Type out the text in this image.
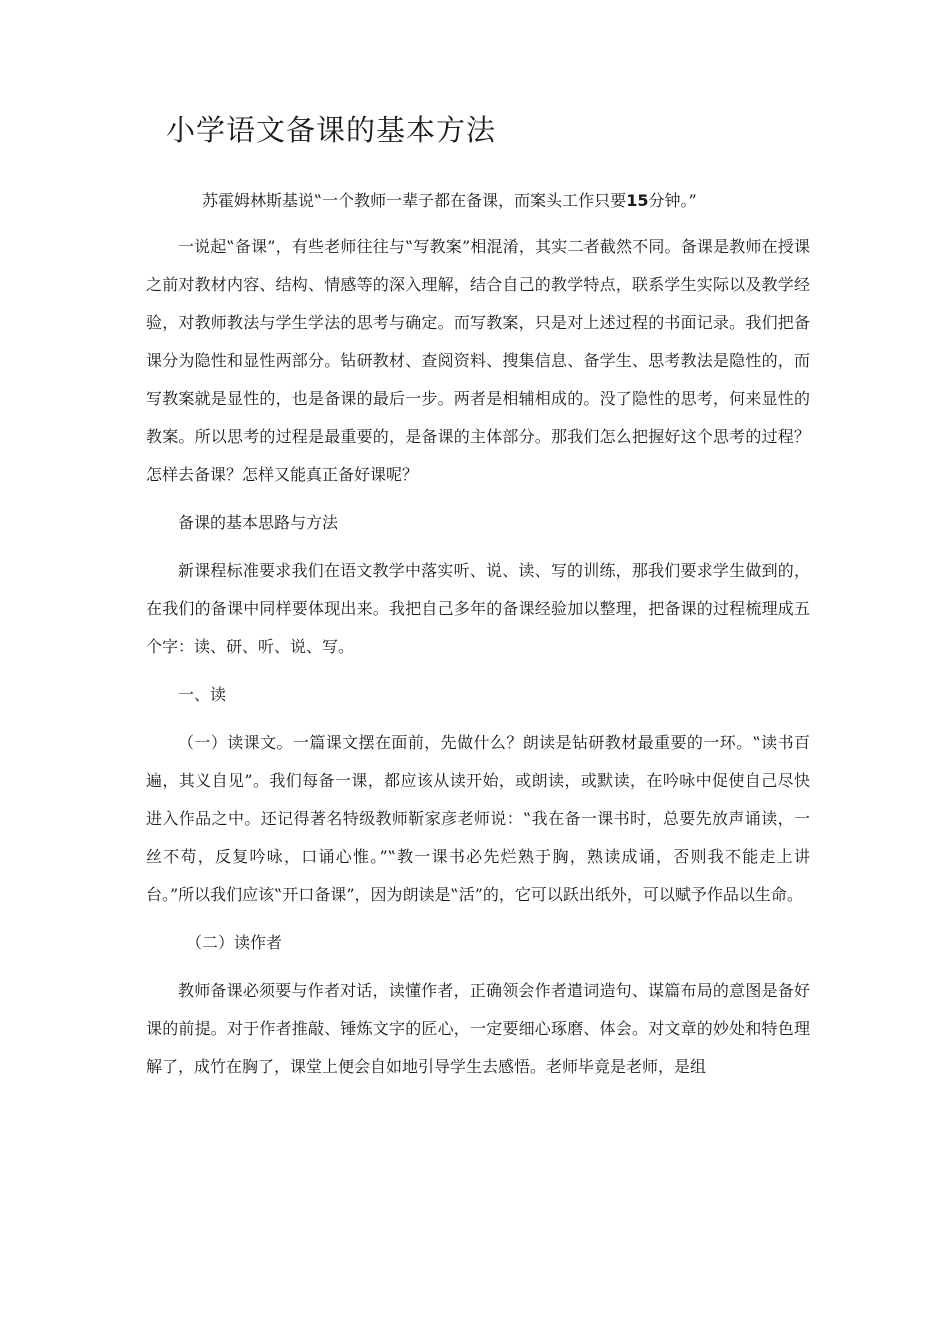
小学语文备课的基本方法

苏霍姆林斯基说‟一个教师一辈子都在备课，而案头工作只要15分钟。”

一说起‟备课”，有些老师往往与‟写教案”相混淆，其实二者截然不同。备课是教师在授课之前对教材内容、结构、情感等的深入理解，结合自己的教学特点，联系学生实际以及教学经验，对教师教法与学生学法的思考与确定。而写教案，只是对上述过程的书面记录。我们把备课分为隐性和显性两部分。钻研教材、查阅资料、搜集信息、备学生、思考教法是隐性的，而写教案就是显性的，也是备课的最后一步。两者是相辅相成的。没了隐性的思考，何来显性的教案。所以思考的过程是最重要的，是备课的主体部分。那我们怎么把握好这个思考的过程？怎样去备课？怎样又能真正备好课呢？

备课的基本思路与方法

新课程标准要求我们在语文教学中落实听、说、读、写的训练，那我们要求学生做到的，在我们的备课中同样要体现出来。我把自己多年的备课经验加以整理，把备课的过程梳理成五个字：读、研、听、说、写。

一、读

（一）读课文。一篇课文摆在面前，先做什么？朗读是钻研教材最重要的一环。‟读书百遍，其义自见”。我们每备一课，都应该从读开始，或朗读，或默读，在吟咏中促使自己尽快进入作品之中。还记得著名特级教师靳家彦老师说：‟我在备一课书时，总要先放声诵读，一丝不苟，反复吟咏，口诵心惟。”‟教一课书必先烂熟于胸，熟读成诵，否则我不能走上讲台。”所以我们应该‟开口备课”，因为朗读是‟活”的，它可以跃出纸外，可以赋予作品以生命。

（二）读作者

教师备课必须要与作者对话，读懂作者，正确领会作者遣词造句、谋篇布局的意图是备好课的前提。对于作者推敲、锤炼文字的匠心，一定要细心琢磨、体会。对文章的妙处和特色理解了，成竹在胸了，课堂上便会自如地引导学生去感悟。老师毕竟是老师，是组
